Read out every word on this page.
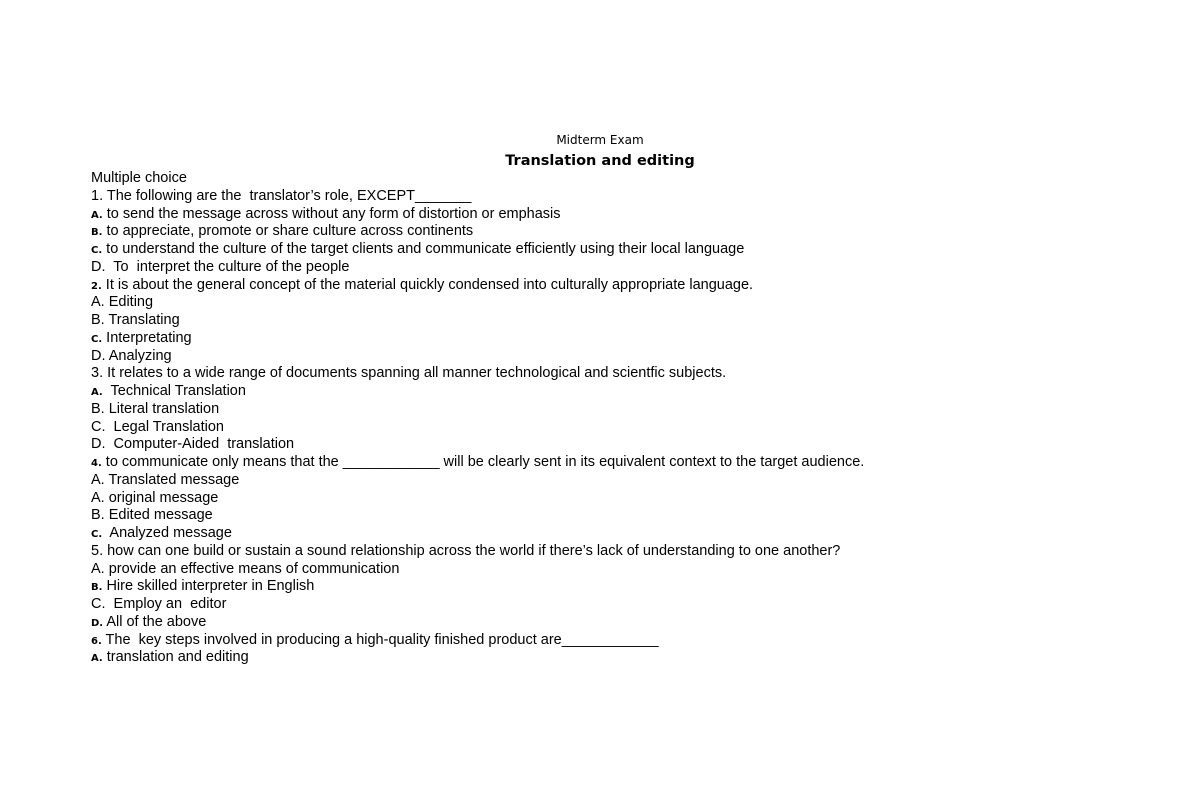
Midterm Exam
Translation and editing
Multiple choice
1. The following are the  translator’s role, EXCEPT_______
A. to send the message across without any form of distortion or emphasis
B. to appreciate, promote or share culture across continents
C. to understand the culture of the target clients and communicate efficiently using their local language
D.  To  interpret the culture of the people
2. It is about the general concept of the material quickly condensed into culturally appropriate language.
A. Editing
B. Translating
C. Interpretating
D. Analyzing
3. It relates to a wide range of documents spanning all manner technological and scientfic subjects.
A.  Technical Translation
B. Literal translation
C.  Legal Translation
D.  Computer-Aided  translation
4. to communicate only means that the ____________ will be clearly sent in its equivalent context to the target audience.
A. Translated message
A. original message
B. Edited message
C.  Analyzed message
5. how can one build or sustain a sound relationship across the world if there’s lack of understanding to one another?
A. provide an effective means of communication
B. Hire skilled interpreter in English
C.  Employ an  editor
D. All of the above
6. The  key steps involved in producing a high-quality finished product are____________
A. translation and editing
